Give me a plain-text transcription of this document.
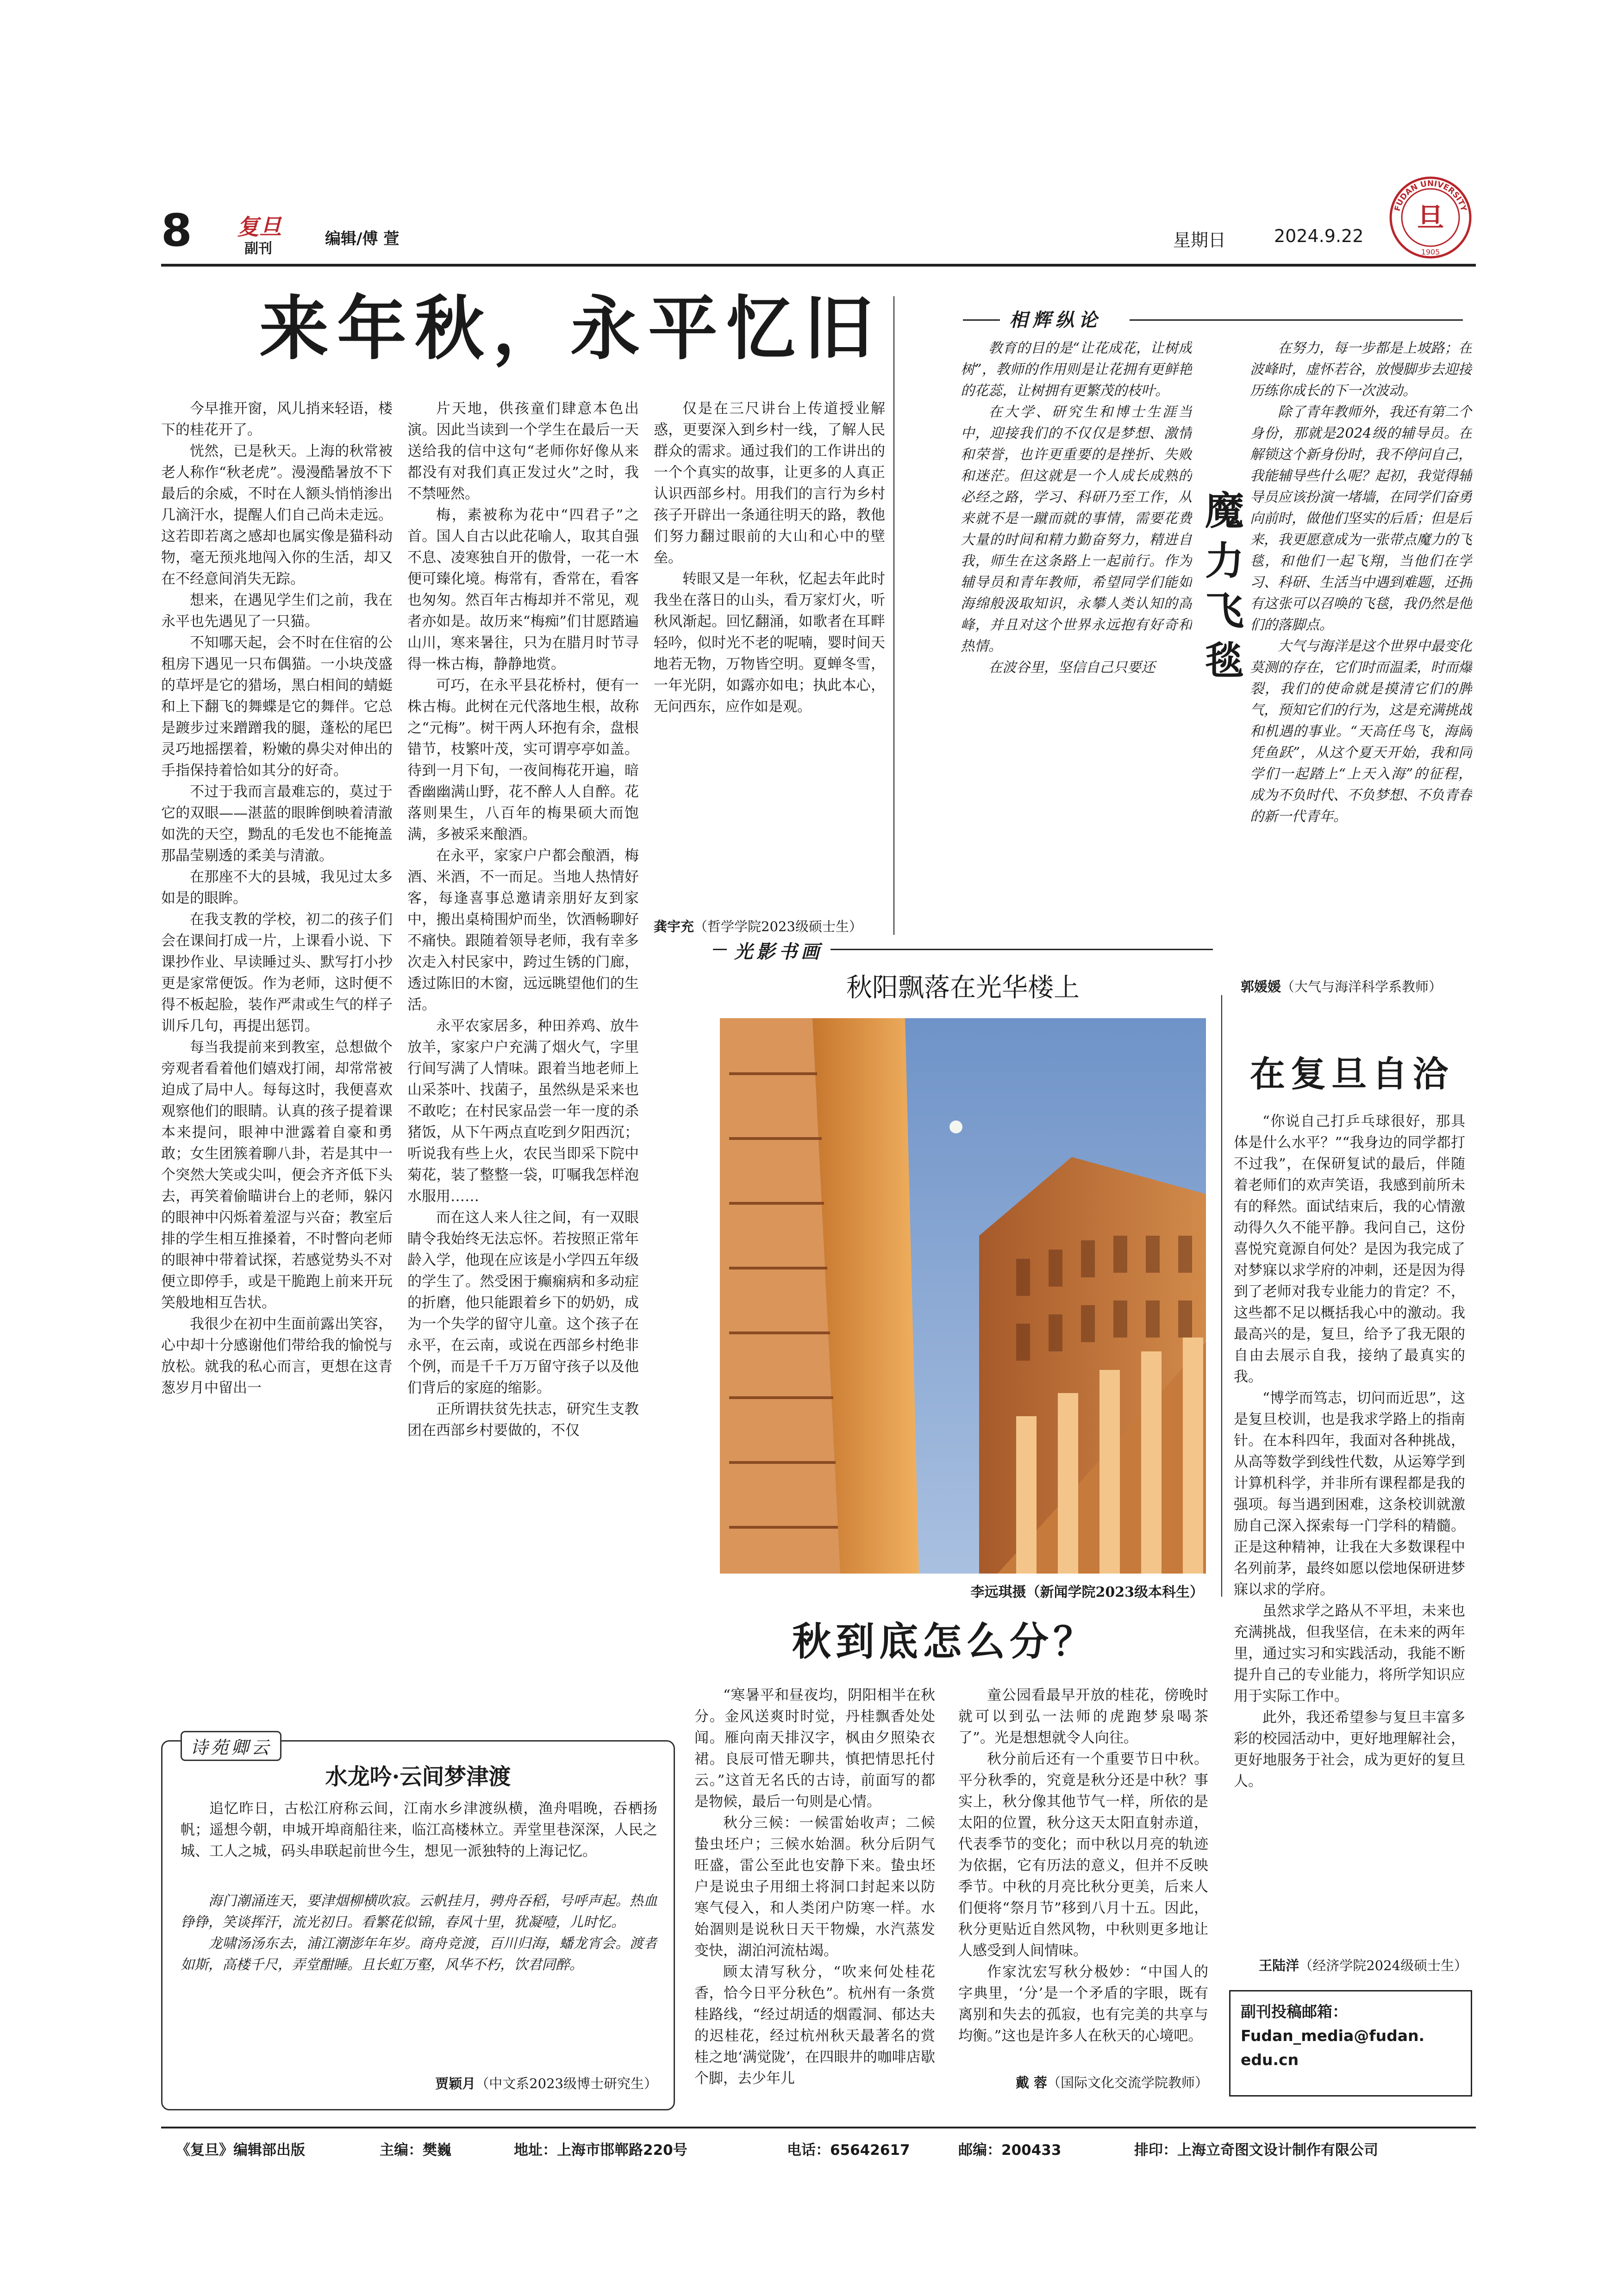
8 复旦
副刊
编辑/傅 萱	星期日	2024.9.22
FUDAN UNIVERSITY
旦
1905
来年秋，永平忆旧

今早推开窗，风儿捎来轻语，楼下的桂花开了。

恍然，已是秋天。上海的秋常被老人称作“秋老虎”。漫漫酷暑放不下最后的余威，不时在人额头悄悄渗出几滴汗水，提醒人们自己尚未走远。这若即若离之感却也属实像是猫科动物，毫无预兆地闯入你的生活，却又在不经意间消失无踪。

想来，在遇见学生们之前，我在永平也先遇见了一只猫。

不知哪天起，会不时在住宿的公租房下遇见一只布偶猫。一小块茂盛的草坪是它的猎场，黑白相间的蜻蜓和上下翻飞的舞蝶是它的舞伴。它总是踱步过来蹭蹭我的腿，蓬松的尾巴灵巧地摇摆着，粉嫩的鼻尖对伸出的手指保持着恰如其分的好奇。

不过于我而言最难忘的，莫过于它的双眼——湛蓝的眼眸倒映着清澈如洗的天空，黝乱的毛发也不能掩盖那晶莹剔透的柔美与清澈。

在那座不大的县城，我见过太多如是的眼眸。

在我支教的学校，初二的孩子们会在课间打成一片，上课看小说、下课抄作业、早读睡过头、默写打小抄更是家常便饭。作为老师，这时便不得不板起脸，装作严肃或生气的样子训斥几句，再提出惩罚。

每当我提前来到教室，总想做个旁观者看着他们嬉戏打闹，却常常被迫成了局中人。每每这时，我便喜欢观察他们的眼睛。认真的孩子提着课本来提问，眼神中泄露着自豪和勇敢；女生团簇着聊八卦，若是其中一个突然大笑或尖叫，便会齐齐低下头去，再笑着偷瞄讲台上的老师，躲闪的眼神中闪烁着羞涩与兴奋；教室后排的学生相互推搡着，不时瞥向老师的眼神中带着试探，若感觉势头不对便立即停手，或是干脆跑上前来开玩笑般地相互告状。

我很少在初中生面前露出笑容，心中却十分感谢他们带给我的愉悦与放松。就我的私心而言，更想在这青葱岁月中留出一

片天地，供孩童们肆意本色出演。因此当读到一个学生在最后一天送给我的信中这句“老师你好像从来都没有对我们真正发过火”之时，我不禁哑然。

梅，素被称为花中“四君子”之首。国人自古以此花喻人，取其自强不息、凌寒独自开的傲骨，一花一木便可臻化境。梅常有，香常在，看客也匆匆。然百年古梅却并不常见，观者亦如是。故历来“梅痴”们甘愿踏遍山川，寒来暑往，只为在腊月时节寻得一株古梅，静静地赏。

可巧，在永平县花桥村，便有一株古梅。此树在元代落地生根，故称之“元梅”。树干两人环抱有余，盘根错节，枝繁叶茂，实可谓亭亭如盖。待到一月下旬，一夜间梅花开遍，暗香幽幽满山野，花不醉人人自醉。花落则果生，八百年的梅果硕大而饱满，多被采来酿酒。

在永平，家家户户都会酿酒，梅酒、米酒，不一而足。当地人热情好客，每逢喜事总邀请亲朋好友到家中，搬出桌椅围炉而坐，饮酒畅聊好不痛快。跟随着领导老师，我有幸多次走入村民家中，跨过生锈的门廊，透过陈旧的木窗，远远眺望他们的生活。

永平农家居多，种田养鸡、放牛放羊，家家户户充满了烟火气，字里行间写满了人情味。跟着当地老师上山采茶叶、找菌子，虽然纵是采来也不敢吃；在村民家品尝一年一度的杀猪饭，从下午两点直吃到夕阳西沉；听说我有些上火，农民当即采下院中菊花，装了整整一袋，叮嘱我怎样泡水服用……

而在这人来人往之间，有一双眼睛令我始终无法忘怀。若按照正常年龄入学，他现在应该是小学四五年级的学生了。然受困于癫痫病和多动症的折磨，他只能跟着乡下的奶奶，成为一个失学的留守儿童。这个孩子在永平，在云南，或说在西部乡村绝非个例，而是千千万万留守孩子以及他们背后的家庭的缩影。

正所谓扶贫先扶志，研究生支教团在西部乡村要做的，不仅

仅是在三尺讲台上传道授业解惑，更要深入到乡村一线，了解人民群众的需求。通过我们的工作讲出的一个个真实的故事，让更多的人真正认识西部乡村。用我们的言行为乡村孩子开辟出一条通往明天的路，教他们努力翻过眼前的大山和心中的壁垒。

转眼又是一年秋，忆起去年此时我坐在落日的山头，看万家灯火，听秋风渐起。回忆翻涌，如歌者在耳畔轻吟，似时光不老的呢喃，婴时间天地若无物，万物皆空明。夏蝉冬雪，一年光阴，如露亦如电；执此本心，无问西东，应作如是观。

龚宇充（哲学学院2023级硕士生）
相辉纵论

教育的目的是“让花成花，让树成树”，教师的作用则是让花拥有更鲜艳的花蕊，让树拥有更繁茂的枝叶。

在大学、研究生和博士生涯当中，迎接我们的不仅仅是梦想、激情和荣誉，也许更重要的是挫折、失败和迷茫。但这就是一个人成长成熟的必经之路，学习、科研乃至工作，从来就不是一蹴而就的事情，需要花费大量的时间和精力勤奋努力，精进自我，师生在这条路上一起前行。作为辅导员和青年教师，希望同学们能如海绵般汲取知识，永攀人类认知的高峰，并且对这个世界永远抱有好奇和热情。

在波谷里，坚信自己只要还

魔
力
飞
毯

在努力，每一步都是上坡路；在波峰时，虚怀若谷，放慢脚步去迎接历练你成长的下一次波动。

除了青年教师外，我还有第二个身份，那就是2024级的辅导员。在解锁这个新身份时，我不停问自己，我能辅导些什么呢？起初，我觉得辅导员应该扮演一堵墙，在同学们奋勇向前时，做他们坚实的后盾；但是后来，我更愿意成为一张带点魔力的飞毯，和他们一起飞翔，当他们在学习、科研、生活当中遇到难题，还拥有这张可以召唤的飞毯，我仍然是他们的落脚点。

大气与海洋是这个世界中最变化莫测的存在，它们时而温柔，时而爆裂，我们的使命就是摸清它们的脾气，预知它们的行为，这是充满挑战和机遇的事业。“天高任鸟飞，海阔凭鱼跃”，从这个夏天开始，我和同学们一起踏上“上天入海”的征程，成为不负时代、不负梦想、不负青春的新一代青年。

郭媛媛（大气与海洋科学系教师）
光影书画
秋阳飘落在光华楼上
李远琪摄（新闻学院2023级本科生）
在复旦自洽

“你说自己打乒乓球很好，那具体是什么水平？”“我身边的同学都打不过我”，在保研复试的最后，伴随着老师们的欢声笑语，我感到前所未有的释然。面试结束后，我的心情激动得久久不能平静。我问自己，这份喜悦究竟源自何处？是因为我完成了对梦寐以求学府的冲刺，还是因为得到了老师对我专业能力的肯定？不，这些都不足以概括我心中的激动。我最高兴的是，复旦，给予了我无限的自由去展示自我，接纳了最真实的我。

“博学而笃志，切问而近思”，这是复旦校训，也是我求学路上的指南针。在本科四年，我面对各种挑战，从高等数学到线性代数，从运筹学到计算机科学，并非所有课程都是我的强项。每当遇到困难，这条校训就激励自己深入探索每一门学科的精髓。正是这种精神，让我在大多数课程中名列前茅，最终如愿以偿地保研进梦寐以求的学府。

虽然求学之路从不平坦，未来也充满挑战，但我坚信，在未来的两年里，通过实习和实践活动，我能不断提升自己的专业能力，将所学知识应用于实际工作中。

此外，我还希望参与复旦丰富多彩的校园活动中，更好地理解社会，更好地服务于社会，成为更好的复旦人。

王陆洋（经济学院2024级硕士生）
副刊投稿邮箱：
Fudan_media@fudan.
edu.cn
秋到底怎么分？

“寒暑平和昼夜均，阴阳相半在秋分。金风送爽时时觉，丹桂飘香处处闻。雁向南天排汉字，枫由夕照染衣裙。良辰可惜无聊共，慎把情思托付云。”这首无名氏的古诗，前面写的都是物候，最后一句则是心情。

秋分三候：一候雷始收声；二候蛰虫坯户；三候水始涸。秋分后阴气旺盛，雷公至此也安静下来。蛰虫坯户是说虫子用细土将洞口封起来以防寒气侵入，和人类闭户防寒一样。水始涸则是说秋日天干物燥，水汽蒸发变快，湖泊河流枯竭。

顾太清写秋分，“吹来何处桂花香，恰今日平分秋色”。杭州有一条赏桂路线，“经过胡适的烟霞洞、郁达夫的迟桂花，经过杭州秋天最著名的赏桂之地‘满觉陇’，在四眼井的咖啡店歇个脚，去少年儿

童公园看最早开放的桂花，傍晚时就可以到弘一法师的虎跑梦泉喝茶了”。光是想想就令人向往。

秋分前后还有一个重要节日中秋。平分秋季的，究竟是秋分还是中秋？事实上，秋分像其他节气一样，所依的是太阳的位置，秋分这天太阳直射赤道，代表季节的变化；而中秋以月亮的轨迹为依据，它有历法的意义，但并不反映季节。中秋的月亮比秋分更美，后来人们便将“祭月节”移到八月十五。因此，秋分更贴近自然风物，中秋则更多地让人感受到人间情味。

作家沈宏写秋分极妙：“中国人的字典里，‘分’是一个矛盾的字眼，既有离别和失去的孤寂，也有完美的共享与均衡。”这也是许多人在秋天的心境吧。

戴 蓉（国际文化交流学院教师）
诗苑卿云
水龙吟·云间梦津渡

追忆昨日，古松江府称云间，江南水乡津渡纵横，渔舟唱晚，吞栖扬帆；遥想今朝，申城开埠商船往来，临江高楼林立。弄堂里巷深深，人民之城、工人之城，码头串联起前世今生，想见一派独特的上海记忆。

海门潮涌连天，要津烟柳横吹寂。云帆挂月，骋舟吞稻，号呼声起。热血铮铮，笑谈挥汗，流光初日。看繁花似锦，春风十里，犹凝噎，儿时忆。

龙啸汤汤东去，浦江潮澎年年岁。商舟竞渡，百川归海，蟠龙宵会。渡者如斯，高楼千尺，弄堂酣睡。且长虹万壑，风华不朽，饮君同醉。

贾颖月（中文系2023级博士研究生）
《复旦》编辑部出版	主编：樊巍	地址：上海市邯郸路220号	电话：65642617	邮编：200433	排印：上海立奇图文设计制作有限公司
